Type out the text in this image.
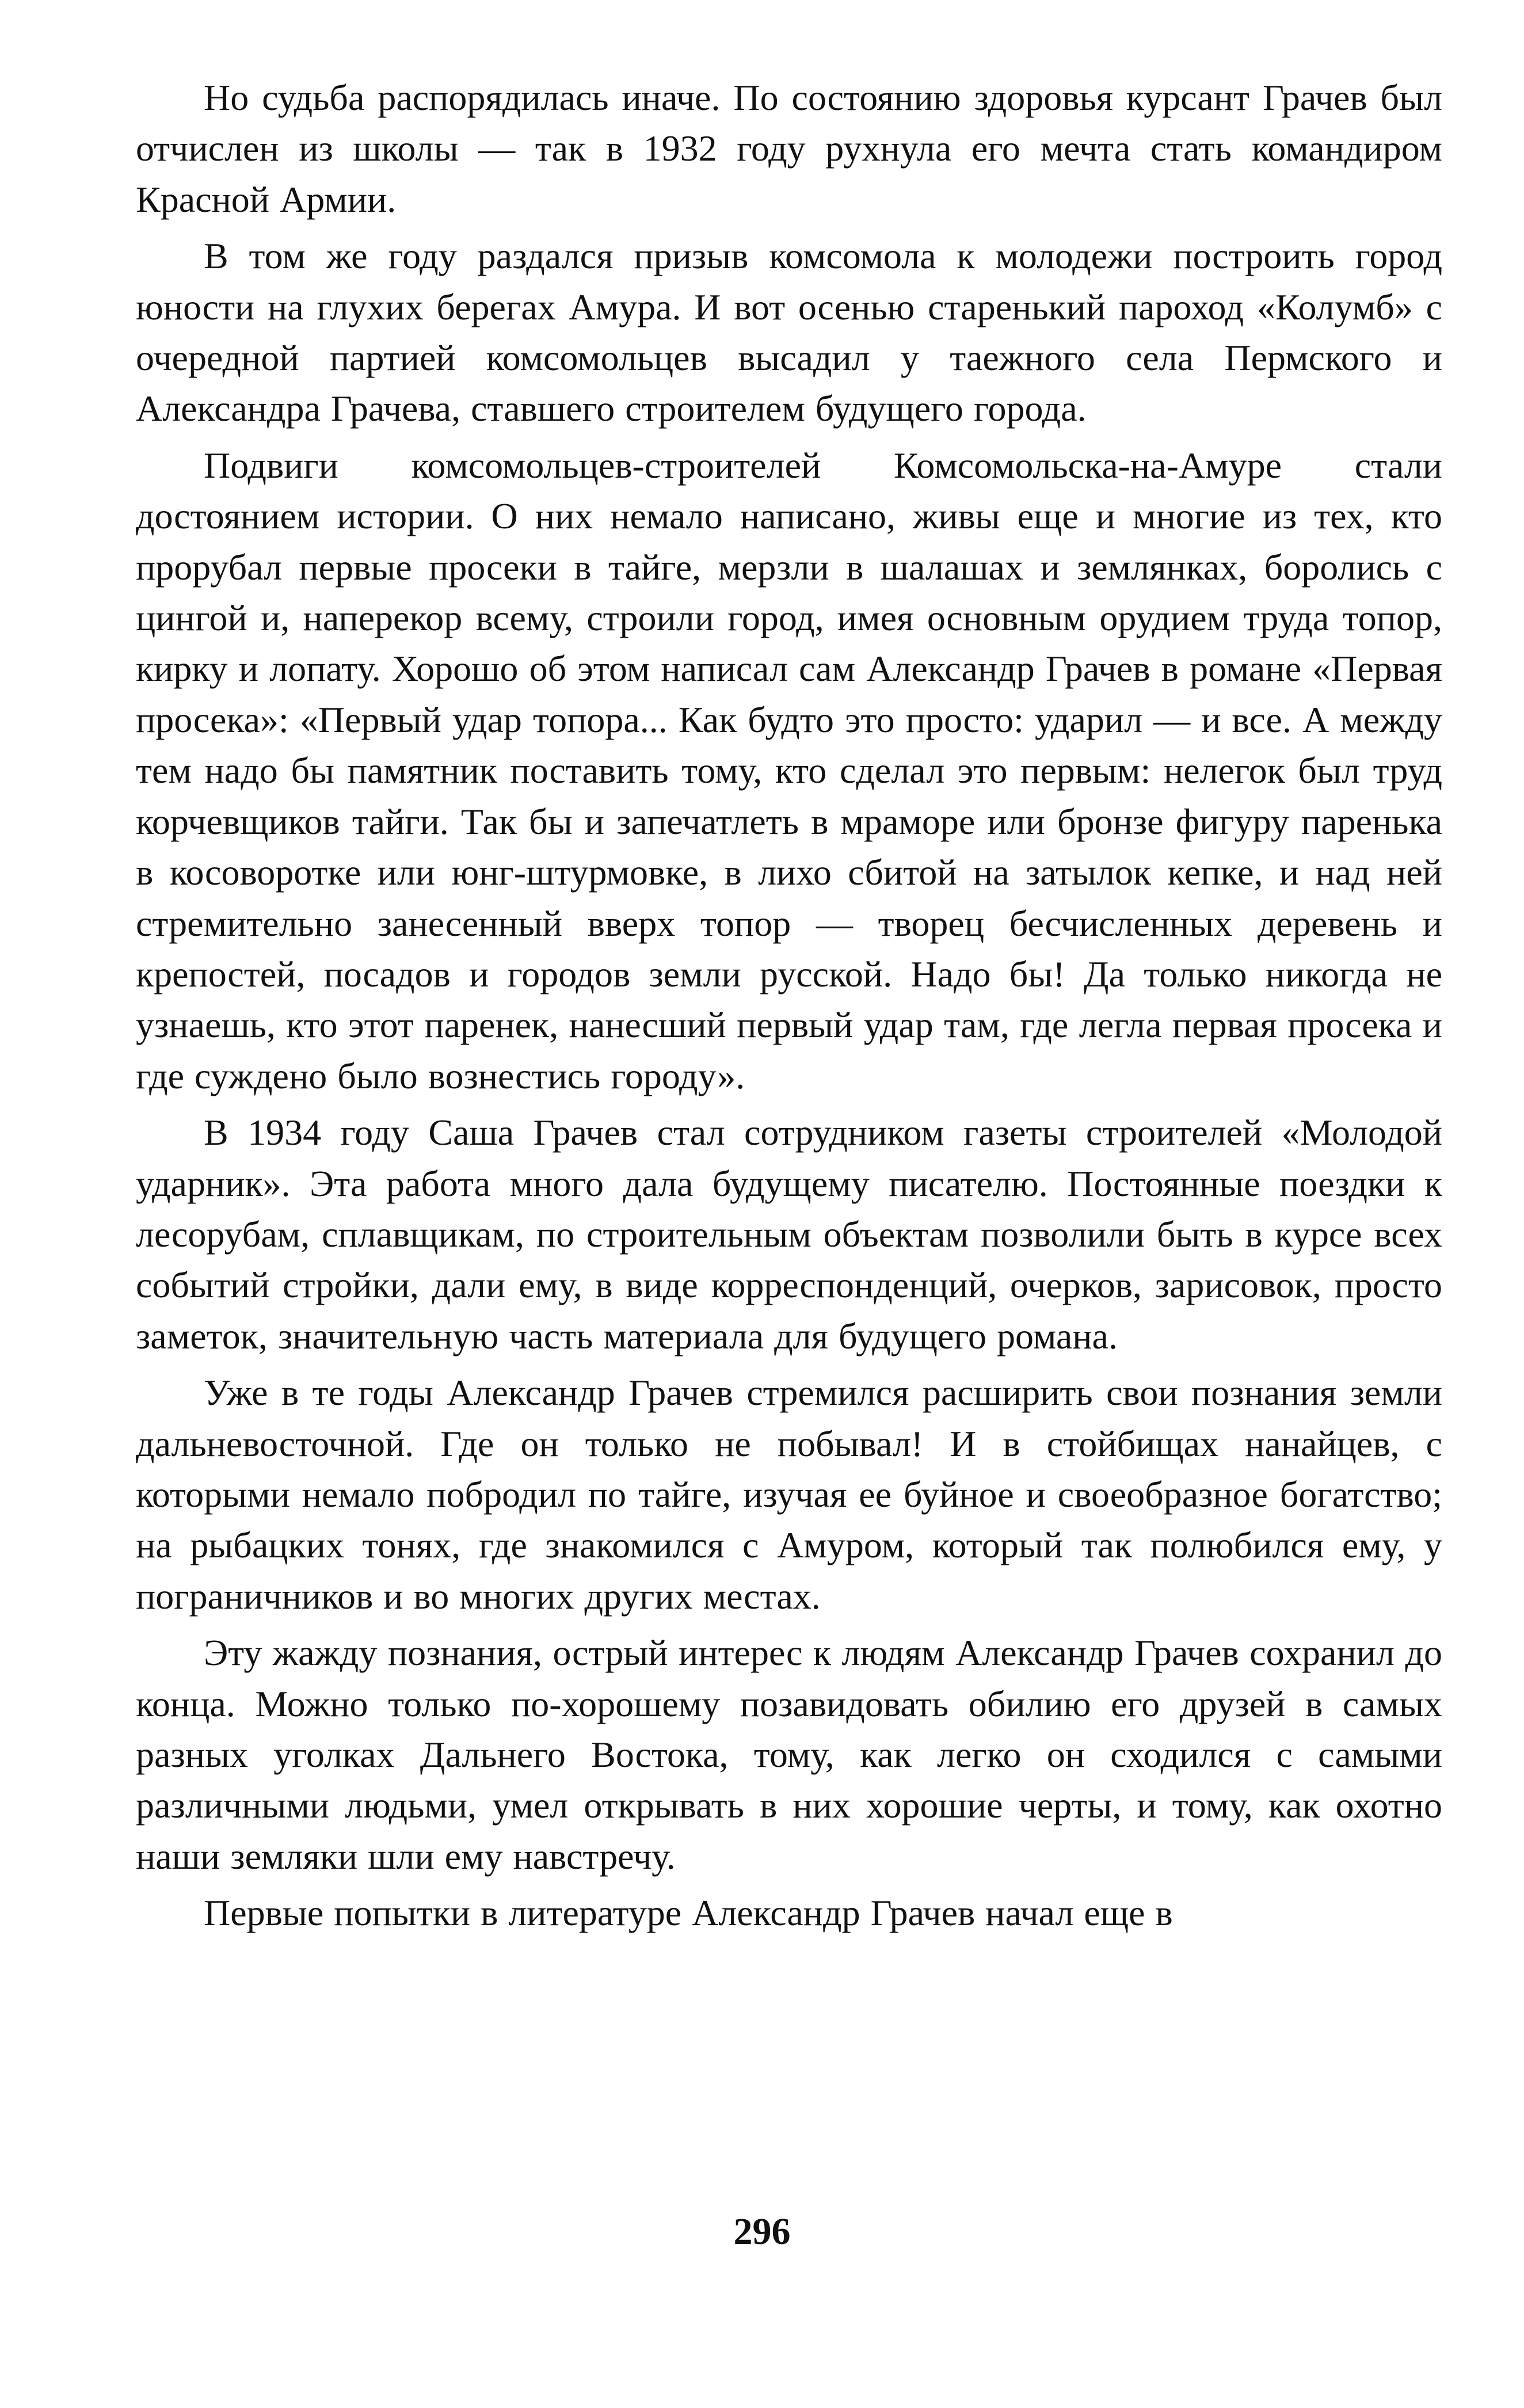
Но судьба распорядилась иначе. По состоянию здоровья курсант Грачев был отчислен из школы — так в 1932 году рухнула его мечта стать командиром Красной Армии.

В том же году раздался призыв комсомола к молодежи построить город юности на глухих берегах Амура. И вот осенью старенький пароход «Колумб» с очередной партией комсомольцев высадил у таежного села Пермского и Александра Грачева, ставшего строителем будущего города.

Подвиги комсомольцев-строителей Комсомольска-на-Амуре стали достоянием истории. О них немало написано, живы еще и многие из тех, кто прорубал первые просеки в тайге, мерзли в шалашах и землянках, боролись с цингой и, наперекор всему, строили город, имея основным орудием труда топор, кирку и лопату. Хорошо об этом написал сам Александр Грачев в романе «Первая просека»: «Первый удар топора... Как будто это просто: ударил — и все. А между тем надо бы памятник поставить тому, кто сделал это первым: нелегок был труд корчевщиков тайги. Так бы и запечатлеть в мраморе или бронзе фигуру паренька в косоворотке или юнг-штурмовке, в лихо сбитой на затылок кепке, и над ней стремительно занесенный вверх топор — творец бесчисленных деревень и крепостей, посадов и городов земли русской. Надо бы! Да только никогда не узнаешь, кто этот паренек, нанесший первый удар там, где легла первая просека и где суждено было вознестись городу».

В 1934 году Саша Грачев стал сотрудником газеты строителей «Молодой ударник». Эта работа много дала будущему писателю. Постоянные поездки к лесорубам, сплавщикам, по строительным объектам позволили быть в курсе всех событий стройки, дали ему, в виде корреспонденций, очерков, зарисовок, просто заметок, значительную часть материала для будущего романа.

Уже в те годы Александр Грачев стремился расширить свои познания земли дальневосточной. Где он только не побывал! И в стойбищах нанайцев, с которыми немало побродил по тайге, изучая ее буйное и своеобразное богатство; на рыбацких тонях, где знакомился с Амуром, который так полюбился ему, у пограничников и во многих других местах.

Эту жажду познания, острый интерес к людям Александр Грачев сохранил до конца. Можно только по-хорошему позавидовать обилию его друзей в самых разных уголках Дальнего Востока, тому, как легко он сходился с самыми различными людьми, умел открывать в них хорошие черты, и тому, как охотно наши земляки шли ему навстречу.

Первые попытки в литературе Александр Грачев начал еще в

296
